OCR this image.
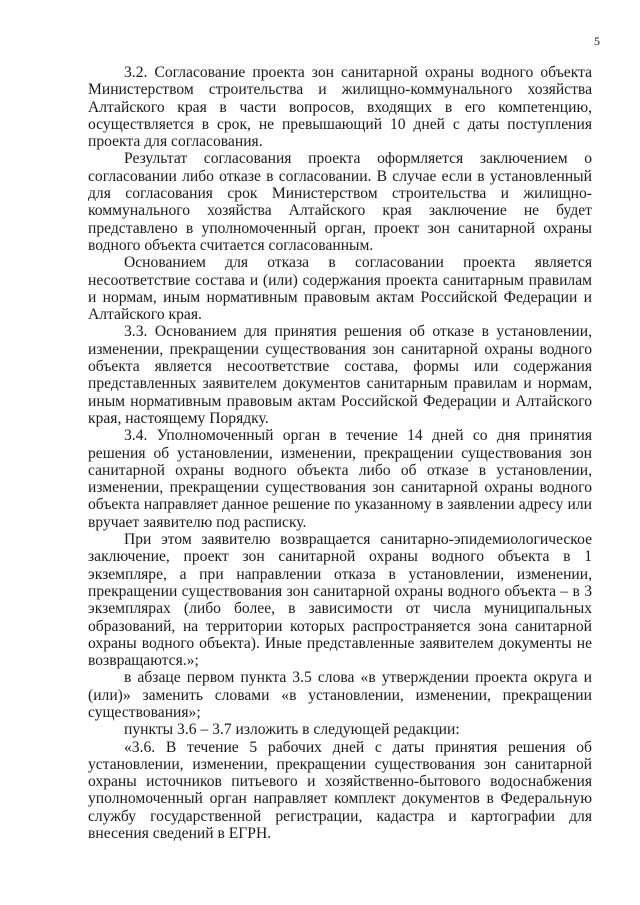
5

3.2. Согласование проекта зон санитарной охраны водного объекта Министерством строительства и жилищно-коммунального хозяйства Алтайского края в части вопросов, входящих в его компетенцию, осуществляется в срок, не превышающий 10 дней с даты поступления проекта для согласования.

Результат согласования проекта оформляется заключением о согласовании либо отказе в согласовании. В случае если в установленный для согласования срок Министерством строительства и жилищно-коммунального хозяйства Алтайского края заключение не будет представлено в уполномоченный орган, проект зон санитарной охраны водного объекта считается согласованным.

Основанием для отказа в согласовании проекта является несоответствие состава и (или) содержания проекта санитарным правилам и нормам, иным нормативным правовым актам Российской Федерации и Алтайского края.

3.3. Основанием для принятия решения об отказе в установлении, изменении, прекращении существования зон санитарной охраны водного объекта является несоответствие состава, формы или содержания представленных заявителем документов санитарным правилам и нормам, иным нормативным правовым актам Российской Федерации и Алтайского края, настоящему Порядку.

3.4. Уполномоченный орган в течение 14 дней со дня принятия решения об установлении, изменении, прекращении существования зон санитарной охраны водного объекта либо об отказе в установлении, изменении, прекращении существования зон санитарной охраны водного объекта направляет данное решение по указанному в заявлении адресу или вручает заявителю под расписку.

При этом заявителю возвращается санитарно-эпидемиологическое заключение, проект зон санитарной охраны водного объекта в 1 экземпляре, а при направлении отказа в установлении, изменении, прекращении существования зон санитарной охраны водного объекта – в 3 экземплярах (либо более, в зависимости от числа муниципальных образований, на территории которых распространяется зона санитарной охраны водного объекта). Иные представленные заявителем документы не возвращаются.»;

в абзаце первом пункта 3.5 слова «в утверждении проекта округа и (или)» заменить словами «в установлении, изменении, прекращении существования»;

пункты 3.6 – 3.7 изложить в следующей редакции:

«3.6. В течение 5 рабочих дней с даты принятия решения об установлении, изменении, прекращении существования зон санитарной охраны источников питьевого и хозяйственно-бытового водоснабжения уполномоченный орган направляет комплект документов в Федеральную службу государственной регистрации, кадастра и картографии для внесения сведений в ЕГРН.
